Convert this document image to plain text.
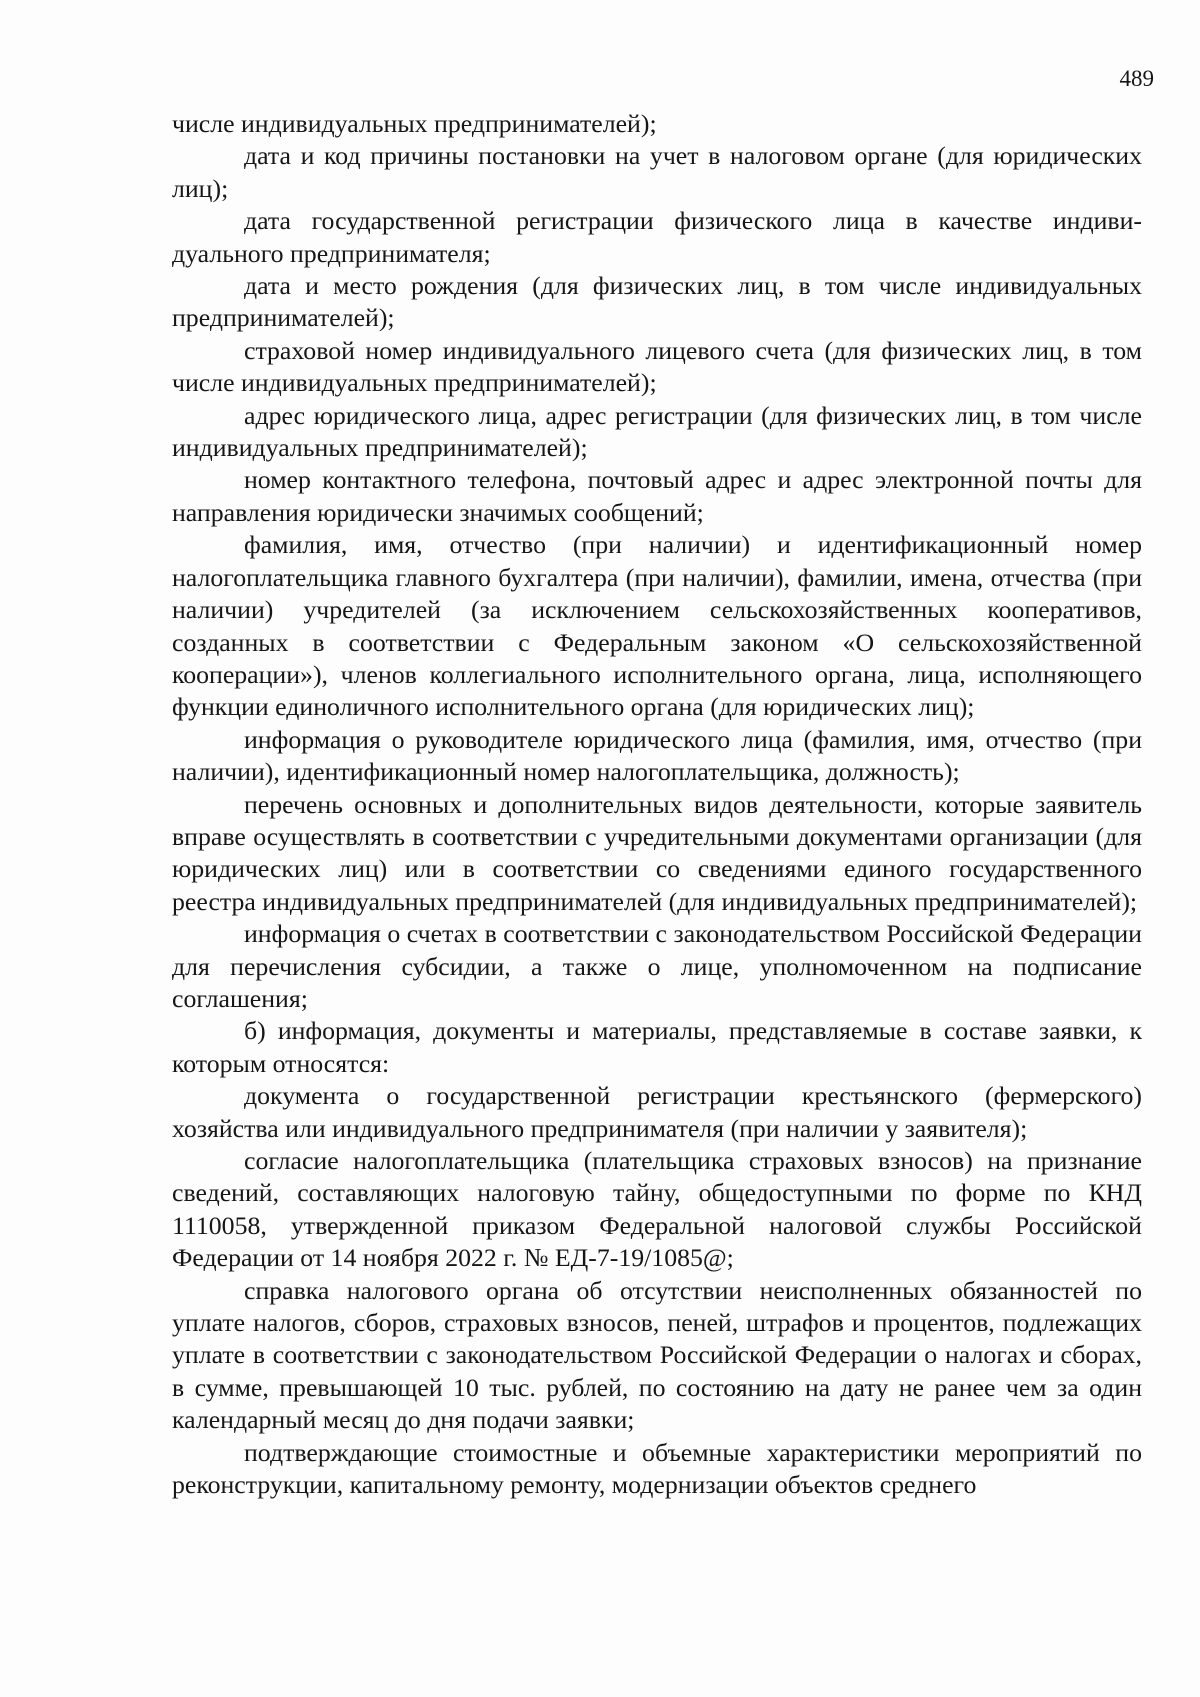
489

числе индивидуальных предпринимателей);

дата и код причины постановки на учет в налоговом органе (для юридических лиц);

дата государственной регистрации физического лица в качестве индивидуального предпринимателя;

дата и место рождения (для физических лиц, в том числе индивидуальных предпринимателей);

страховой номер индивидуального лицевого счета (для физических лиц, в том числе индивидуальных предпринимателей);

адрес юридического лица, адрес регистрации (для физических лиц, в том числе индивидуальных предпринимателей);

номер контактного телефона, почтовый адрес и адрес электронной почты для направления юридически значимых сообщений;

фамилия, имя, отчество (при наличии) и идентификационный номер налогоплательщика главного бухгалтера (при наличии), фамилии, имена, отчества (при наличии) учредителей (за исключением сельскохозяйственных кооперативов, созданных в соответствии с Федеральным законом «О сельскохозяйственной кооперации»), членов коллегиального исполнительного органа, лица, исполняющего функции единоличного исполнительного органа (для юридических лиц);

информация о руководителе юридического лица (фамилия, имя, отчество (при наличии), идентификационный номер налогоплательщика, должность);

перечень основных и дополнительных видов деятельности, которые заявитель вправе осуществлять в соответствии с учредительными документами организации (для юридических лиц) или в соответствии со сведениями единого государственного реестра индивидуальных предпринимателей (для индивидуальных предпринимателей);

информация о счетах в соответствии с законодательством Российской Федерации для перечисления субсидии, а также о лице, уполномоченном на подписание соглашения;

б) информация, документы и материалы, представляемые в составе заявки, к которым относятся:

документа о государственной регистрации крестьянского (фермерского) хозяйства или индивидуального предпринимателя (при наличии у заявителя);

согласие налогоплательщика (плательщика страховых взносов) на признание сведений, составляющих налоговую тайну, общедоступными по форме по КНД 1110058, утвержденной приказом Федеральной налоговой службы Российской Федерации от 14 ноября 2022 г. № ЕД-7-19/1085@;

справка налогового органа об отсутствии неисполненных обязанностей по уплате налогов, сборов, страховых взносов, пеней, штрафов и процентов, подлежащих уплате в соответствии с законодательством Российской Федерации о налогах и сборах, в сумме, превышающей 10 тыс. рублей, по состоянию на дату не ранее чем за один календарный месяц до дня подачи заявки;

подтверждающие стоимостные и объемные характеристики мероприятий по реконструкции, капитальному ремонту, модернизации объектов среднего
